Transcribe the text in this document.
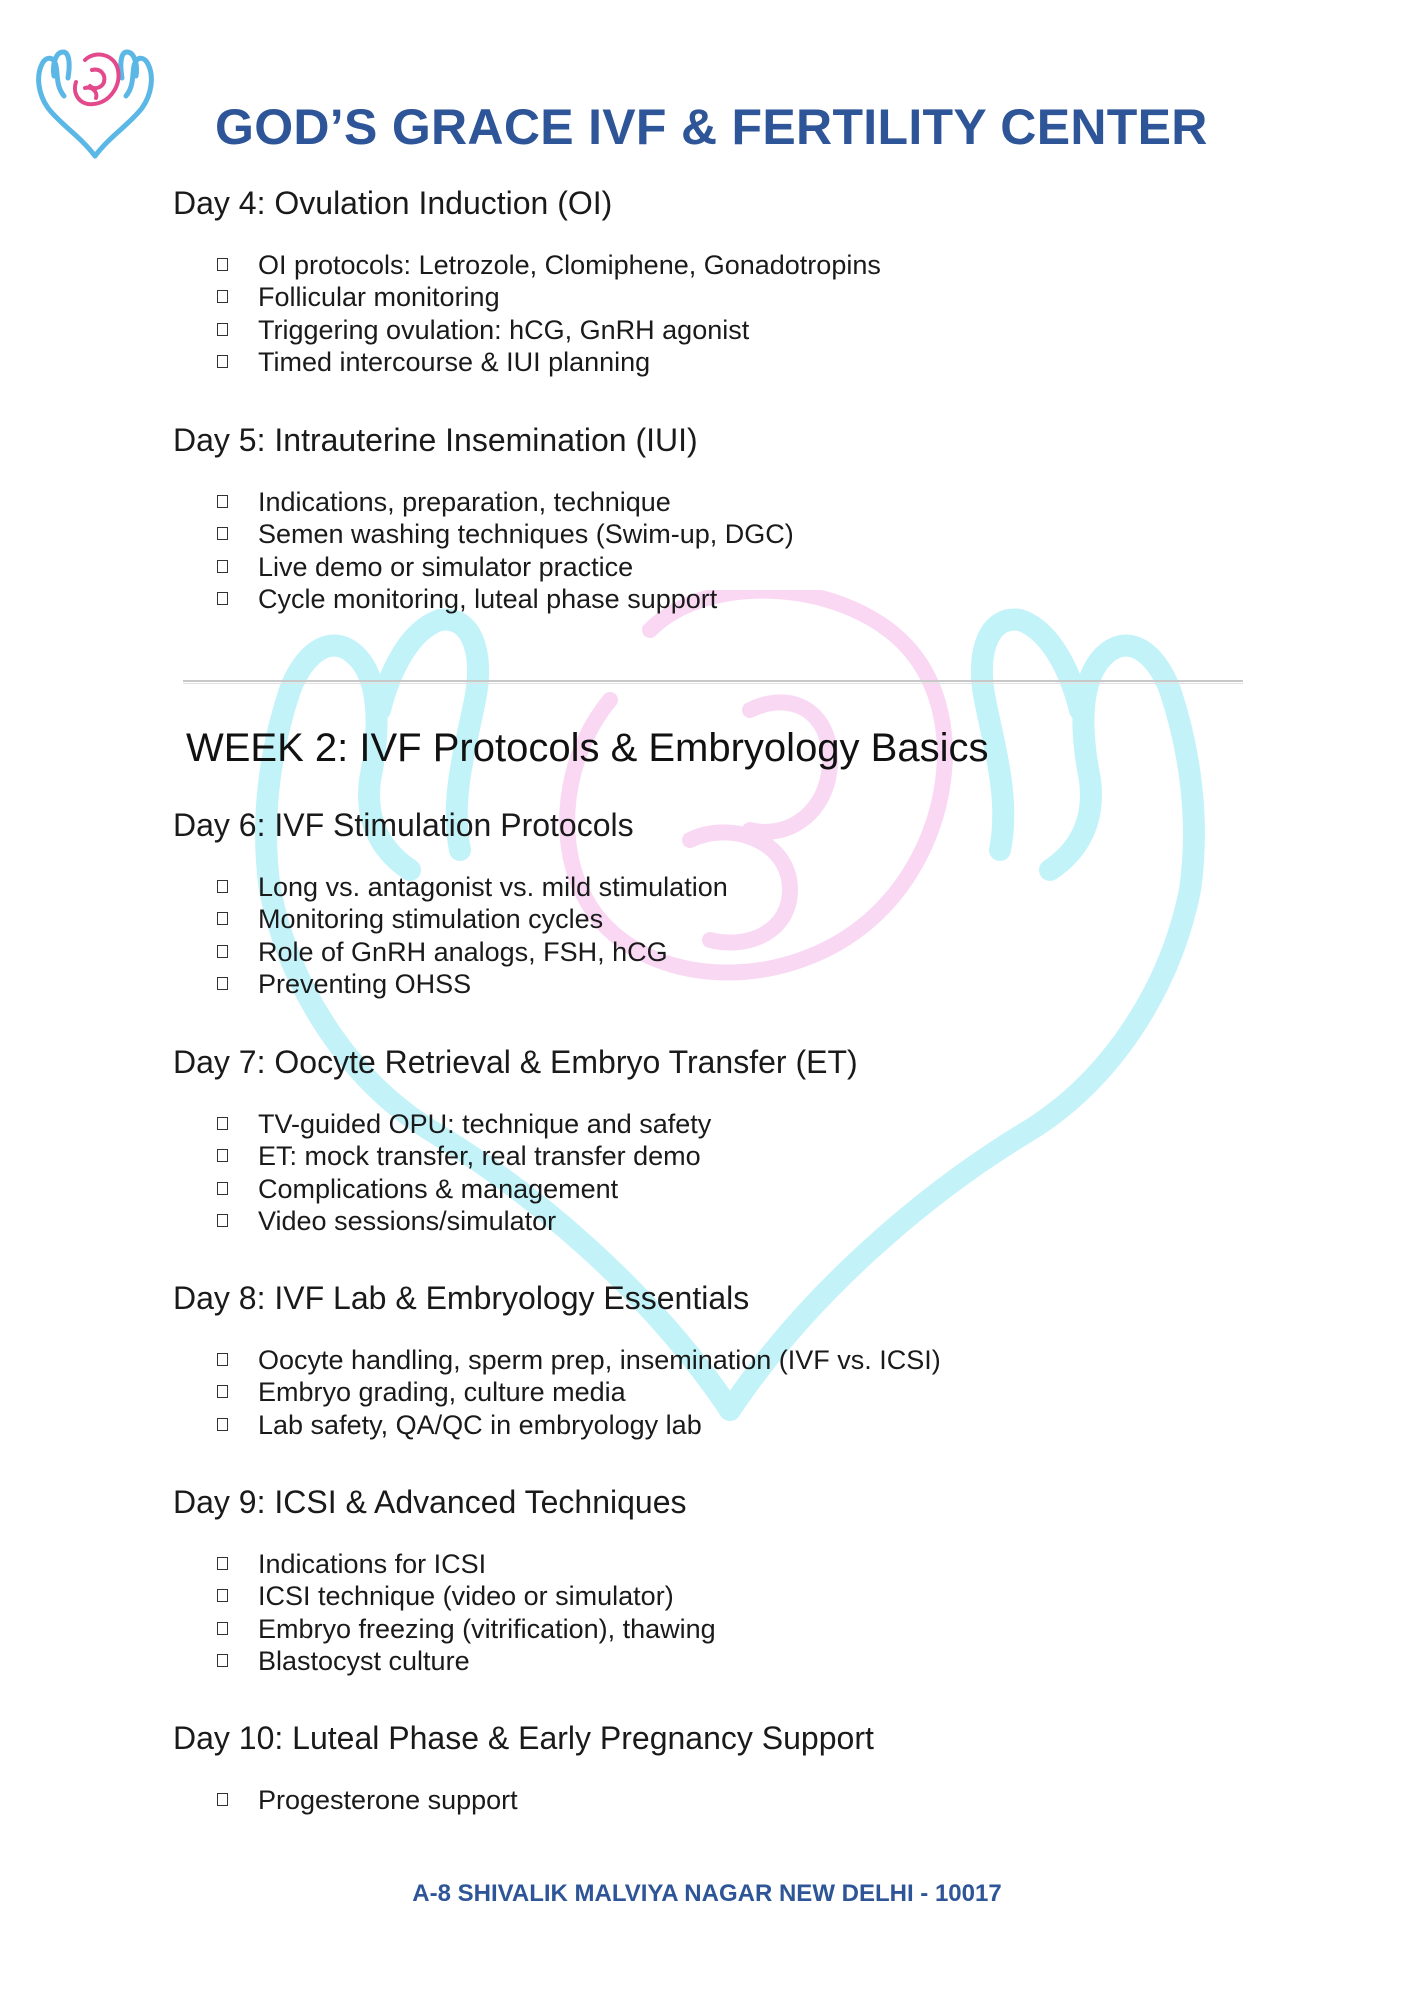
GOD’S GRACE IVF & FERTILITY CENTER
Day 4: Ovulation Induction (OI)
OI protocols: Letrozole, Clomiphene, Gonadotropins
Follicular monitoring
Triggering ovulation: hCG, GnRH agonist
Timed intercourse & IUI planning
Day 5: Intrauterine Insemination (IUI)
Indications, preparation, technique
Semen washing techniques (Swim-up, DGC)
Live demo or simulator practice
Cycle monitoring, luteal phase support
WEEK 2: IVF Protocols & Embryology Basics
Day 6: IVF Stimulation Protocols
Long vs. antagonist vs. mild stimulation
Monitoring stimulation cycles
Role of GnRH analogs, FSH, hCG
Preventing OHSS
Day 7: Oocyte Retrieval & Embryo Transfer (ET)
TV-guided OPU: technique and safety
ET: mock transfer, real transfer demo
Complications & management
Video sessions/simulator
Day 8: IVF Lab & Embryology Essentials
Oocyte handling, sperm prep, insemination (IVF vs. ICSI)
Embryo grading, culture media
Lab safety, QA/QC in embryology lab
Day 9: ICSI & Advanced Techniques
Indications for ICSI
ICSI technique (video or simulator)
Embryo freezing (vitrification), thawing
Blastocyst culture
Day 10: Luteal Phase & Early Pregnancy Support
Progesterone support
A-8 SHIVALIK MALVIYA NAGAR NEW DELHI - 10017
